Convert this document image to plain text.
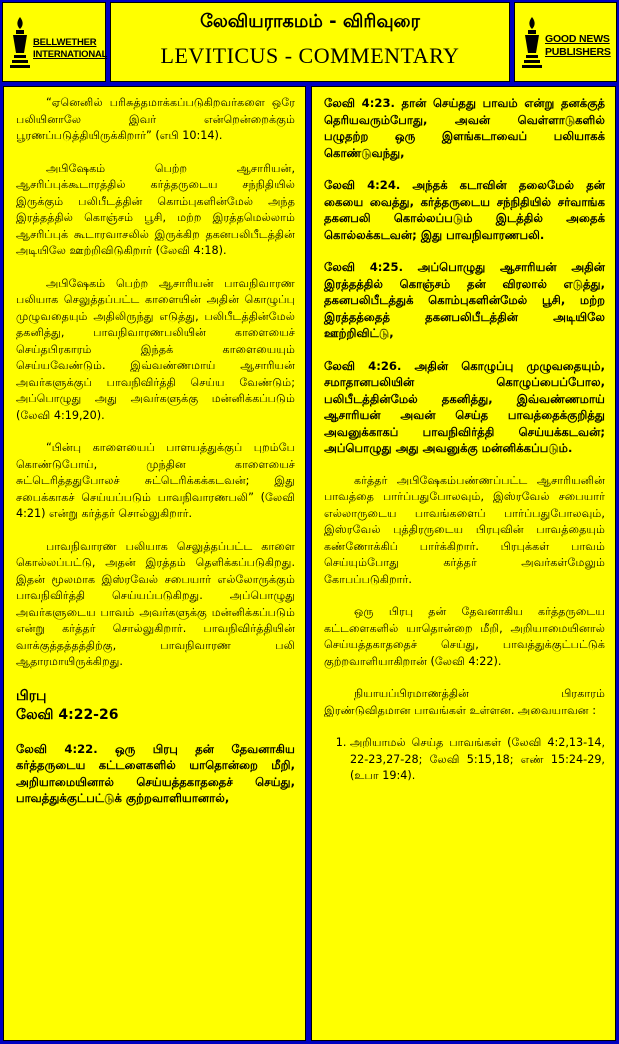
BELLWETHER
INTERNATIONAL
லேவியராகமம் - விரிவுரை
LEVITICUS - COMMENTARY
GOOD NEWS
PUBLISHERS

“ஏனெனில் பரிசுத்தமாக்கப்படுகிறவர்களை ஒரே பலியினாலே இவர் என்றென்றைக்கும் பூரணப்படுத்தியிருக்கிறார்” (எபி 10:14).

அபிஷேகம் பெற்ற ஆசாரியன், ஆசரிப்புக்கூடாரத்தில் கர்த்தருடைய சந்நிதியில் இருக்கும் பலிபீடத்தின் கொம்புகளின்மேல் அந்த இரத்தத்தில் கொஞ்சம் பூசி, மற்ற இரத்தமெல்லாம் ஆசரிப்புக் கூடாரவாசலில் இருக்கிற தகனபலிபீடத்தின் அடியிலே ஊற்றிவிடுகிறார் (லேவி 4:18).

அபிஷேகம் பெற்ற ஆசாரியன் பாவநிவாரண பலியாக செலுத்தப்பட்ட காளையின் அதின் கொழுப்பு முழுவதையும் அதிலிருந்து எடுத்து, பலிபீடத்தின்மேல் தகனித்து, பாவநிவாரணபலியின் காளையைச் செய்தபிரகாரம் இந்தக் காளையையும் செய்யவேண்டும். இவ்வண்ணமாய் ஆசாரியன் அவர்களுக்குப் பாவநிவிர்த்தி செய்ய வேண்டும்; அப்பொழுது அது அவர்களுக்கு மன்னிக்கப்படும் (லேவி 4:19,20).

“பின்பு காளையைப் பாளயத்துக்குப் புறம்பே கொண்டுபோய், முந்தின காளையைச் சுட்டெரித்ததுபோலச் சுட்டெரிக்கக்கடவன்; இது சபைக்காகச் செய்யப்படும் பாவநிவாரணபலி” (லேவி 4:21) என்று கர்த்தர் சொல்லுகிறார்.

பாவநிவாரண பலியாக செலுத்தப்பட்ட காளை கொல்லப்பட்டு, அதன் இரத்தம் தெளிக்கப்படுகிறது. இதன் மூலமாக இஸ்ரவேல் சபையார் எல்லோருக்கும் பாவநிவிர்த்தி செய்யப்படுகிறது. அப்பொழுது அவர்களுடைய பாவம் அவர்களுக்கு மன்னிக்கப்படும் என்று கர்த்தர் சொல்லுகிறார். பாவநிவிர்த்தியின் வாக்குத்தத்தத்திற்கு, பாவநிவாரண பலி ஆதாரமாயிருக்கிறது.

பிரபு
லேவி 4:22-26

லேவி 4:22. ஒரு பிரபு தன் தேவனாகிய கர்த்தருடைய கட்டளைகளில் யாதொன்றை மீறி, அறியாமையினால் செய்யத்தகாததைச் செய்து, பாவத்துக்குட்பட்டுக் குற்றவாளியானால்,

லேவி 4:23. தான் செய்தது பாவம் என்று தனக்குத் தெரியவரும்போது, அவன் வெள்ளாடுகளில் பழுதற்ற ஒரு இளங்கடாவைப் பலியாகக் கொண்டுவந்து,

லேவி 4:24. அந்தக் கடாவின் தலைமேல் தன் கையை வைத்து, கர்த்தருடைய சந்நிதியில் சர்வாங்க தகனபலி கொல்லப்படும் இடத்தில் அதைக் கொல்லக்கடவன்; இது பாவநிவாரணபலி.

லேவி 4:25. அப்பொழுது ஆசாரியன் அதின் இரத்தத்தில் கொஞ்சம் தன் விரலால் எடுத்து, தகனபலிபீடத்துக் கொம்புகளின்மேல் பூசி, மற்ற இரத்தத்தைத் தகனபலிபீடத்தின் அடியிலே ஊற்றிவிட்டு,

லேவி 4:26. அதின் கொழுப்பு முழுவதையும், சமாதானபலியின் கொழுப்பைப்போல, பலிபீடத்தின்மேல் தகனித்து, இவ்வண்ணமாய் ஆசாரியன் அவன் செய்த பாவத்தைக்குறித்து அவனுக்காகப் பாவநிவிர்த்தி செய்யக்கடவன்; அப்பொழுது அது அவனுக்கு மன்னிக்கப்படும்.

கர்த்தர் அபிஷேகம்பண்ணப்பட்ட ஆசாரியனின் பாவத்தை பார்ப்பதுபோலவும், இஸ்ரவேல் சபையார் எல்லாருடைய பாவங்களைப் பார்ப்பதுபோலவும், இஸ்ரவேல் புத்திரருடைய பிரபுவின் பாவத்தையும் கண்ணோக்கிப் பார்க்கிறார். பிரபுக்கள் பாவம் செய்யும்போது கர்த்தர் அவர்கள்மேலும் கோபப்படுகிறார்.

ஒரு பிரபு தன் தேவனாகிய கர்த்தருடைய கட்டளைகளில் யாதொன்றை மீறி, அறியாமையினால் செய்யத்தகாததைச் செய்து, பாவத்துக்குட்பட்டுக் குற்றவாளியாகிறான் (லேவி 4:22).

நியாயப்பிரமாணத்தின் பிரகாரம் இரண்டுவிதமான பாவங்கள் உள்ளன. அவையாவன :

1. அறியாமல் செய்த பாவங்கள் (லேவி 4:2,13-14, 22-23,27-28; லேவி 5:15,18; எண் 15:24-29, (உபா 19:4).
